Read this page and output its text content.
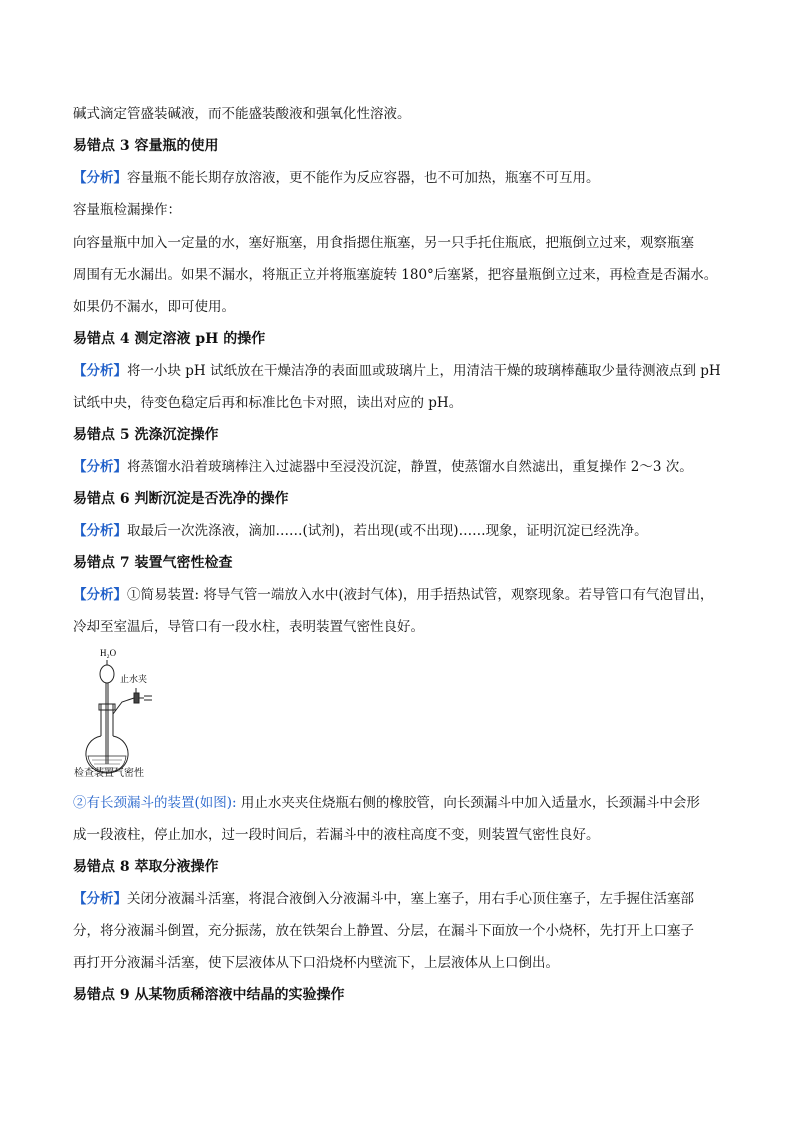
碱式滴定管盛装碱液，而不能盛装酸液和强氧化性溶液。
易错点 3 容量瓶的使用
【分析】容量瓶不能长期存放溶液，更不能作为反应容器，也不可加热，瓶塞不可互用。
容量瓶检漏操作：
向容量瓶中加入一定量的水，塞好瓶塞，用食指摁住瓶塞，另一只手托住瓶底，把瓶倒立过来，观察瓶塞
周围有无水漏出。如果不漏水，将瓶正立并将瓶塞旋转 180°后塞紧，把容量瓶倒立过来，再检查是否漏水。
如果仍不漏水，即可使用。
易错点 4 测定溶液 pH 的操作
【分析】将一小块 pH 试纸放在干燥洁净的表面皿或玻璃片上，用清洁干燥的玻璃棒蘸取少量待测液点到 pH
试纸中央，待变色稳定后再和标准比色卡对照，读出对应的 pH。
易错点 5 洗涤沉淀操作
【分析】将蒸馏水沿着玻璃棒注入过滤器中至浸没沉淀，静置，使蒸馏水自然滤出，重复操作 2～3 次。
易错点 6 判断沉淀是否洗净的操作
【分析】取最后一次洗涤液，滴加……(试剂)，若出现(或不出现)……现象，证明沉淀已经洗净。
易错点 7 装置气密性检查
【分析】①简易装置: 将导气管一端放入水中(液封气体)，用手捂热试管，观察现象。若导管口有气泡冒出，
冷却至室温后，导管口有一段水柱，表明装置气密性良好。
H₂O
止水夹
检查装置气密性
②有长颈漏斗的装置(如图): 用止水夹夹住烧瓶右侧的橡胶管，向长颈漏斗中加入适量水，长颈漏斗中会形
成一段液柱，停止加水，过一段时间后，若漏斗中的液柱高度不变，则装置气密性良好。
易错点 8 萃取分液操作
【分析】关闭分液漏斗活塞，将混合液倒入分液漏斗中，塞上塞子，用右手心顶住塞子，左手握住活塞部
分，将分液漏斗倒置，充分振荡，放在铁架台上静置、分层，在漏斗下面放一个小烧杯，先打开上口塞子
再打开分液漏斗活塞，使下层液体从下口沿烧杯内壁流下，上层液体从上口倒出。
易错点 9 从某物质稀溶液中结晶的实验操作
